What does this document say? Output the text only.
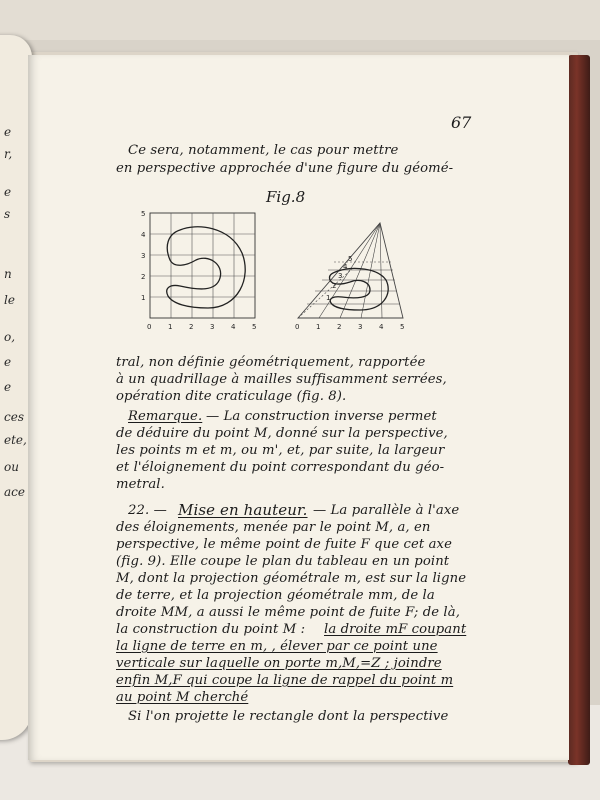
e
r,
e
s
n
le
o,
e
e
ces
ete,
ou
ace
67
Ce sera, notamment, le cas pour mettre
en perspective approchée d'une figure du géomé-
Fig.8
0 1 2 3 4 5
1
2
3
4
5
0 1 2 3 4 5
1
2
3
4
5
tral, non définie géométriquement, rapportée
à un quadrillage à mailles suffisamment serrées,
opération dite craticulage (fig. 8).
Remarque. — La construction inverse permet
de déduire du point M, donné sur la perspective,
les points m et m, ou m', et, par suite, la largeur
et l'éloignement du point correspondant du géo-
metral.
22. — Mise en hauteur. — La parallèle à l'axe
des éloignements, menée par le point M, a, en
perspective, le même point de fuite F que cet axe
(fig. 9). Elle coupe le plan du tableau en un point
M, dont la projection géométrale m, est sur la ligne
de terre, et la projection géométrale mm, de la
droite MM, a aussi le même point de fuite F; de là,
la construction du point M : la droite mF coupant
la ligne de terre en m, , élever par ce point une
verticale sur laquelle on porte m,M,=Z ; joindre
enfin M,F qui coupe la ligne de rappel du point m
au point M cherché
Si l'on projette le rectangle dont la perspective
